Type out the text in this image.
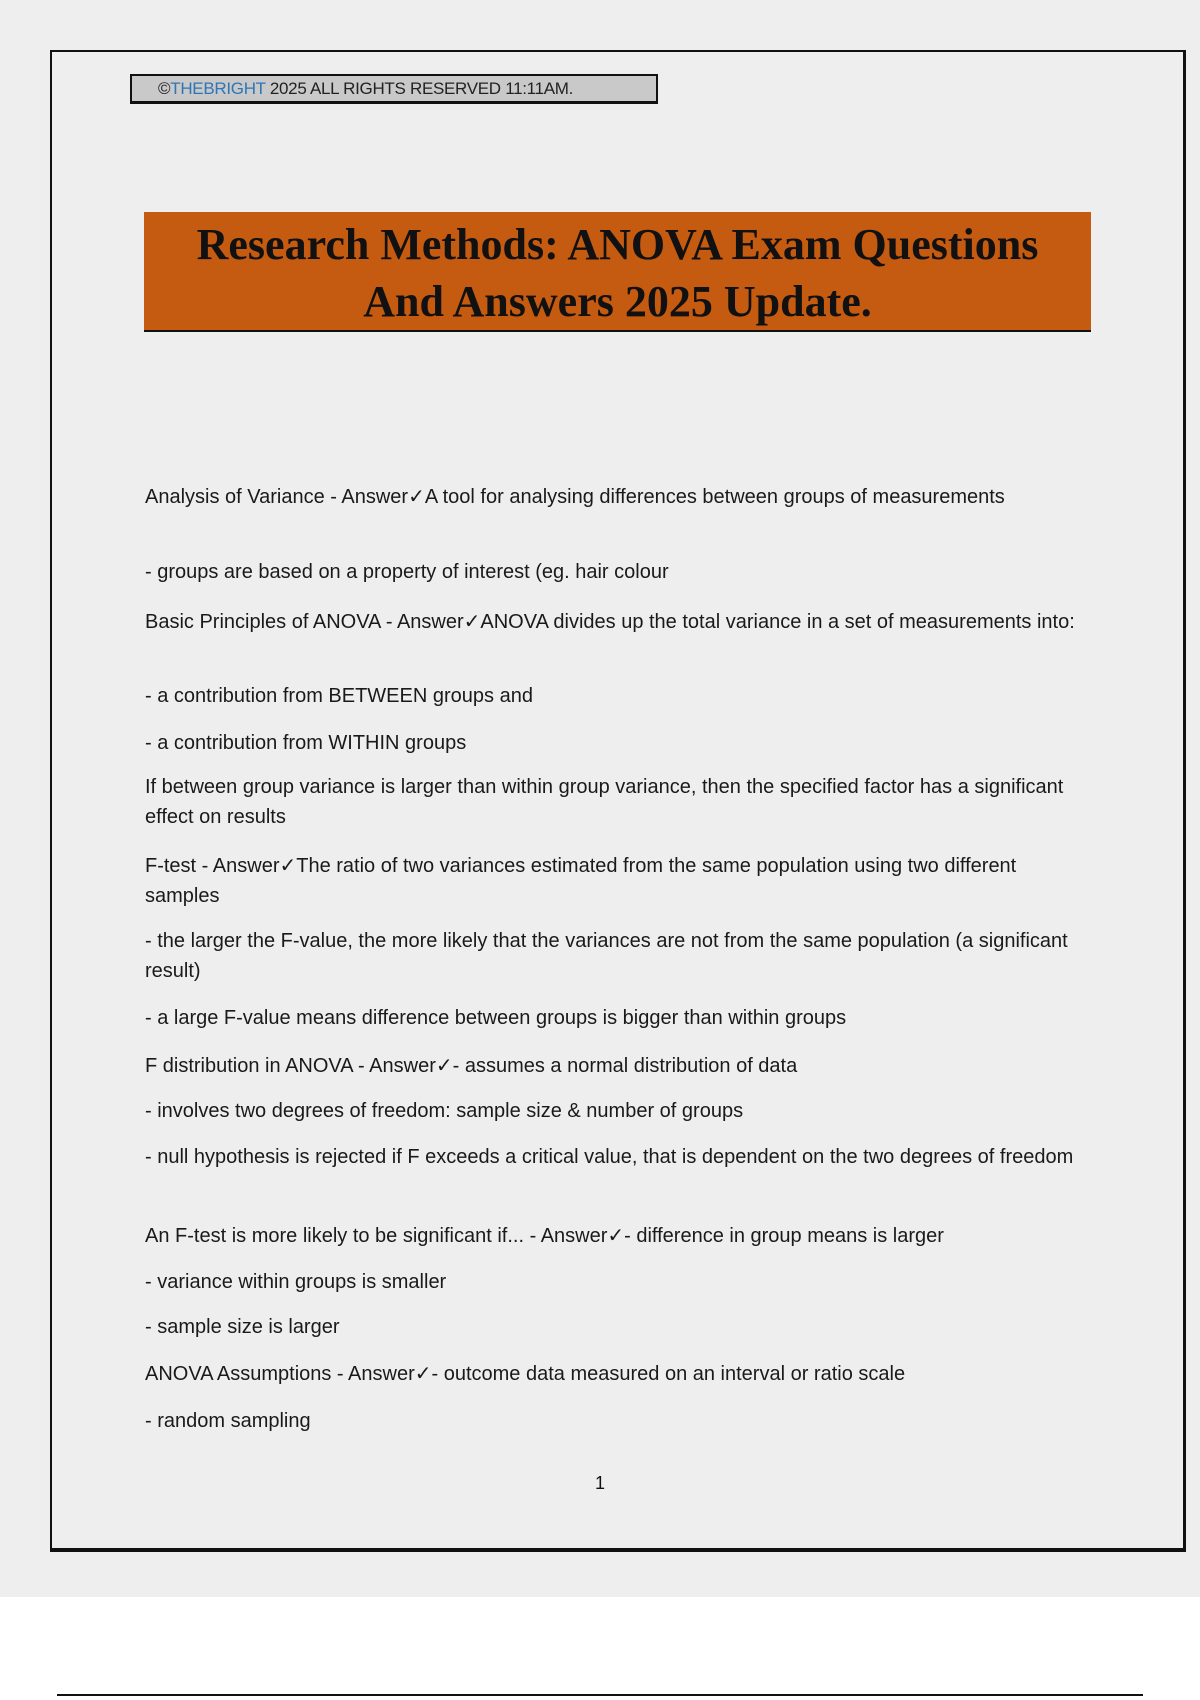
©THEBRIGHT 2025 ALL RIGHTS RESERVED 11:11AM.
Research Methods: ANOVA Exam Questions
And Answers 2025 Update.
Analysis of Variance - Answer✓A tool for analysing differences between groups of measurements
- groups are based on a property of interest (eg. hair colour
Basic Principles of ANOVA - Answer✓ANOVA divides up the total variance in a set of measurements into:
- a contribution from BETWEEN groups and
- a contribution from WITHIN groups
If between group variance is larger than within group variance, then the specified factor has a significant effect on results
F-test - Answer✓The ratio of two variances estimated from the same population using two different samples
- the larger the F-value, the more likely that the variances are not from the same population (a significant result)
- a large F-value means difference between groups is bigger than within groups
F distribution in ANOVA - Answer✓- assumes a normal distribution of data
- involves two degrees of freedom: sample size & number of groups
- null hypothesis is rejected if F exceeds a critical value, that is dependent on the two degrees of freedom
An F-test is more likely to be significant if... - Answer✓- difference in group means is larger
- variance within groups is smaller
- sample size is larger
ANOVA Assumptions - Answer✓- outcome data measured on an interval or ratio scale
- random sampling
1
